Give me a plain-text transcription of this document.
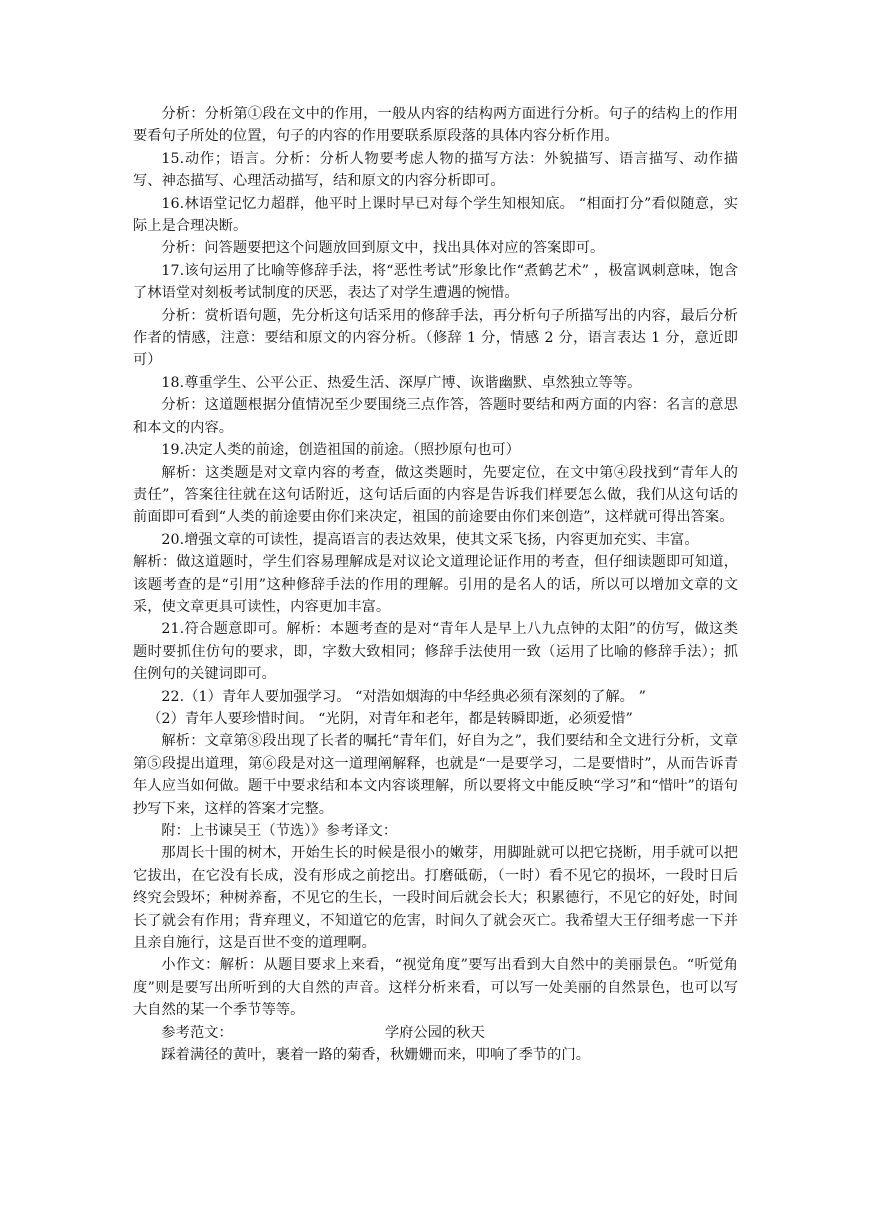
分析：分析第①段在文中的作用，一般从内容的结构两方面进行分析。句子的结构上的作用要看句子所处的位置，句子的内容的作用要联系原段落的具体内容分析作用。

15.动作；语言。分析：分析人物要考虑人物的描写方法：外貌描写、语言描写、动作描写、神态描写、心理活动描写，结和原文的内容分析即可。

16.林语堂记忆力超群，他平时上课时早已对每个学生知根知底。 “相面打分”看似随意，实际上是合理决断。

分析：问答题要把这个问题放回到原文中，找出具体对应的答案即可。

17.该句运用了比喻等修辞手法，将“恶性考试”形象比作“煮鹤艺术” ，极富讽刺意味，饱含了林语堂对刻板考试制度的厌恶，表达了对学生遭遇的惋惜。

分析：赏析语句题，先分析这句话采用的修辞手法，再分析句子所描写出的内容，最后分析作者的情感，注意：要结和原文的内容分析。（修辞 1 分，情感 2 分，语言表达 1 分，意近即可）

18.尊重学生、公平公正、热爱生活、深厚广博、诙谐幽默、卓然独立等等。

分析：这道题根据分值情况至少要围绕三点作答，答题时要结和两方面的内容：名言的意思和本文的内容。

19.决定人类的前途，创造祖国的前途。（照抄原句也可）

解析：这类题是对文章内容的考查，做这类题时，先要定位，在文中第④段找到“青年人的责任”，答案往往就在这句话附近，这句话后面的内容是告诉我们样要怎么做，我们从这句话的前面即可看到“人类的前途要由你们来决定，祖国的前途要由你们来创造”，这样就可得出答案。

20.增强文章的可读性，提高语言的表达效果，使其文采飞扬，内容更加充实、丰富。

解析：做这道题时，学生们容易理解成是对议论文道理论证作用的考查，但仔细读题即可知道，该题考查的是“引用”这种修辞手法的作用的理解。引用的是名人的话，所以可以增加文章的文采，使文章更具可读性，内容更加丰富。

21.符合题意即可。解析：本题考查的是对“青年人是早上八九点钟的太阳”的仿写，做这类题时要抓住仿句的要求，即，字数大致相同；修辞手法使用一致（运用了比喻的修辞手法）；抓住例句的关键词即可。

22.（1）青年人要加强学习。 “对浩如烟海的中华经典必须有深刻的了解。 ”

（2）青年人要珍惜时间。 “光阴，对青年和老年，都是转瞬即逝，必须爱惜”

解析：文章第⑧段出现了长者的嘱托“青年们，好自为之”，我们要结和全文进行分析，文章第⑤段提出道理，第⑥段是对这一道理阐解释，也就是“一是要学习，二是要惜时”，从而告诉青年人应当如何做。题干中要求结和本文内容谈理解，所以要将文中能反映“学习”和“惜叶”的语句抄写下来，这样的答案才完整。

附：上书谏吴王（节选）》参考译文：

那周长十围的树木，开始生长的时候是很小的嫩芽，用脚趾就可以把它挠断，用手就可以把它拔出，在它没有长成，没有形成之前挖出。打磨砥砺，（一时）看不见它的损坏，一段时日后终究会毁坏；种树养畜，不见它的生长，一段时间后就会长大；积累德行，不见它的好处，时间长了就会有作用；背弃理义，不知道它的危害，时间久了就会灭亡。我希望大王仔细考虑一下并且亲自施行，这是百世不变的道理啊。

小作文：解析：从题目要求上来看，“视觉角度”要写出看到大自然中的美丽景色。“听觉角度”则是要写出所听到的大自然的声音。这样分析来看，可以写一处美丽的自然景色，也可以写大自然的某一个季节等等。

参考范文：	学府公园的秋天

踩着满径的黄叶，裹着一路的菊香，秋姗姗而来，叩响了季节的门。
